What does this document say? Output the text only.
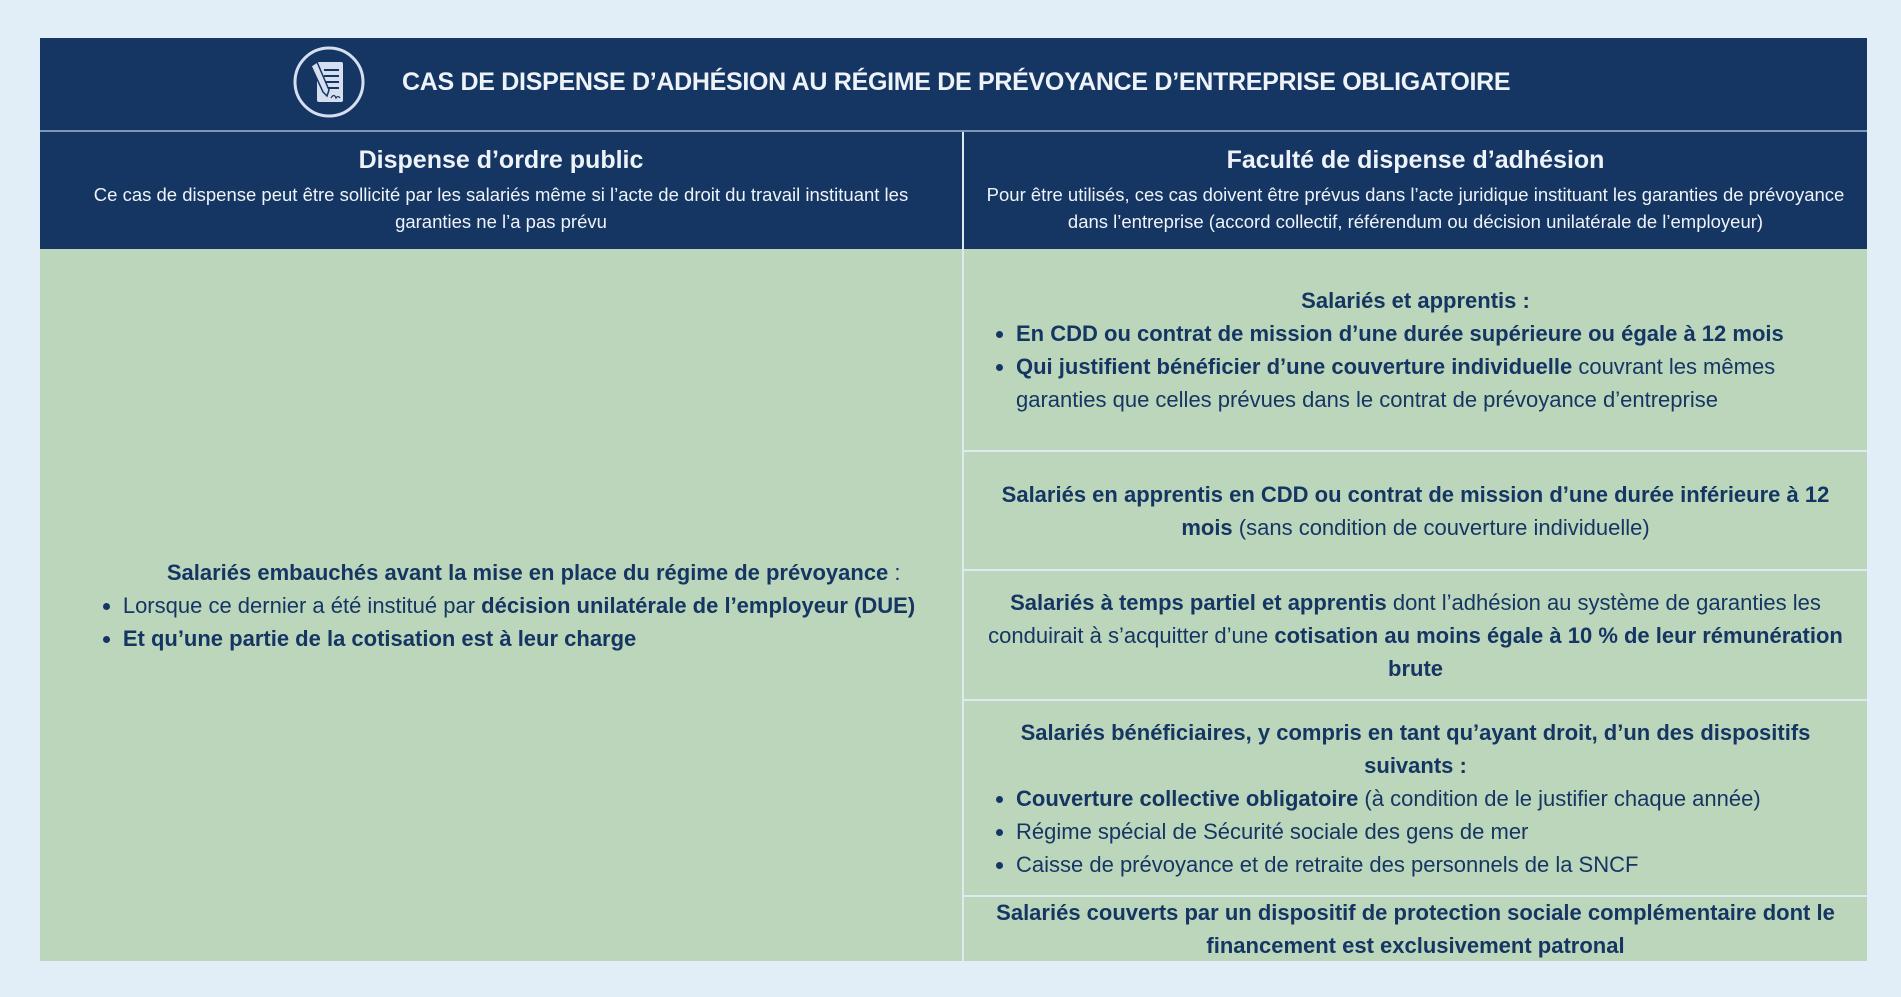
CAS DE DISPENSE D’ADHÉSION AU RÉGIME DE PRÉVOYANCE D’ENTREPRISE OBLIGATOIRE
Dispense d’ordre public

Ce cas de dispense peut être sollicité par les salariés même si l’acte de droit du travail instituant les garanties ne l’a pas prévu

Faculté de dispense d’adhésion

Pour être utilisés, ces cas doivent être prévus dans l’acte juridique instituant les garanties de prévoyance dans l’entreprise (accord collectif, référendum ou décision unilatérale de l’employeur)

Salariés embauchés avant la mise en place du régime de prévoyance :
• Lorsque ce dernier a été institué par décision unilatérale de l’employeur (DUE)
• Et qu’une partie de la cotisation est à leur charge
Salariés et apprentis :
• En CDD ou contrat de mission d’une durée supérieure ou égale à 12 mois
• Qui justifient bénéficier d’une couverture individuelle couvrant les mêmes garanties que celles prévues dans le contrat de prévoyance d’entreprise
Salariés en apprentis en CDD ou contrat de mission d’une durée inférieure à 12 mois (sans condition de couverture individuelle)
Salariés à temps partiel et apprentis dont l’adhésion au système de garanties les conduirait à s’acquitter d’une cotisation au moins égale à 10 % de leur rémunération brute
Salariés bénéficiaires, y compris en tant qu’ayant droit, d’un des dispositifs suivants :
• Couverture collective obligatoire (à condition de le justifier chaque année)
• Régime spécial de Sécurité sociale des gens de mer
• Caisse de prévoyance et de retraite des personnels de la SNCF
Salariés couverts par un dispositif de protection sociale complémentaire dont le financement est exclusivement patronal
